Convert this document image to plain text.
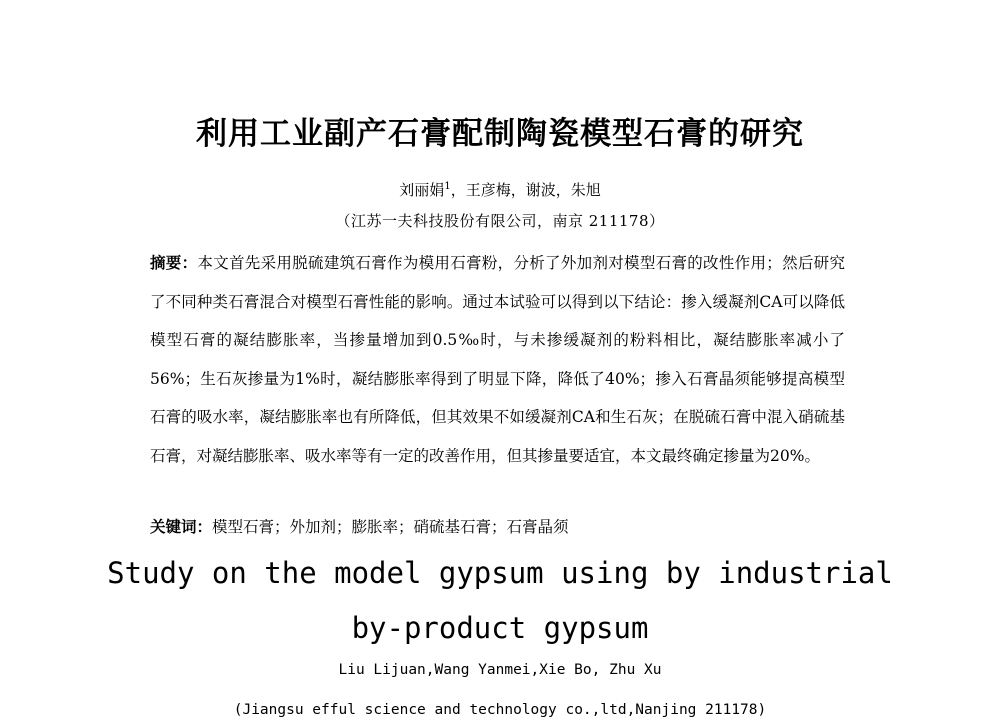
利用工业副产石膏配制陶瓷模型石膏的研究
刘丽娟$^1$，王彦梅，谢波，朱旭
（江苏一夫科技股份有限公司，南京 211178）
摘要：本文首先采用脱硫建筑石膏作为模用石膏粉，分析了外加剂对模型石膏的改性作用；然后研究了不同种类石膏混合对模型石膏性能的影响。通过本试验可以得到以下结论：掺入缓凝剂CA可以降低模型石膏的凝结膨胀率，当掺量增加到0.5‰时，与未掺缓凝剂的粉料相比，凝结膨胀率减小了56%；生石灰掺量为1%时，凝结膨胀率得到了明显下降，降低了40%；掺入石膏晶须能够提高模型石膏的吸水率，凝结膨胀率也有所降低，但其效果不如缓凝剂CA和生石灰；在脱硫石膏中混入硝硫基石膏，对凝结膨胀率、吸水率等有一定的改善作用，但其掺量要适宜，本文最终确定掺量为20%。
关键词：模型石膏；外加剂；膨胀率；硝硫基石膏；石膏晶须
Study on the model gypsum using by industrial
by-product gypsum
Liu Lijuan,Wang Yanmei,Xie Bo, Zhu Xu
(Jiangsu efful science and technology co.,ltd,Nanjing 211178)
